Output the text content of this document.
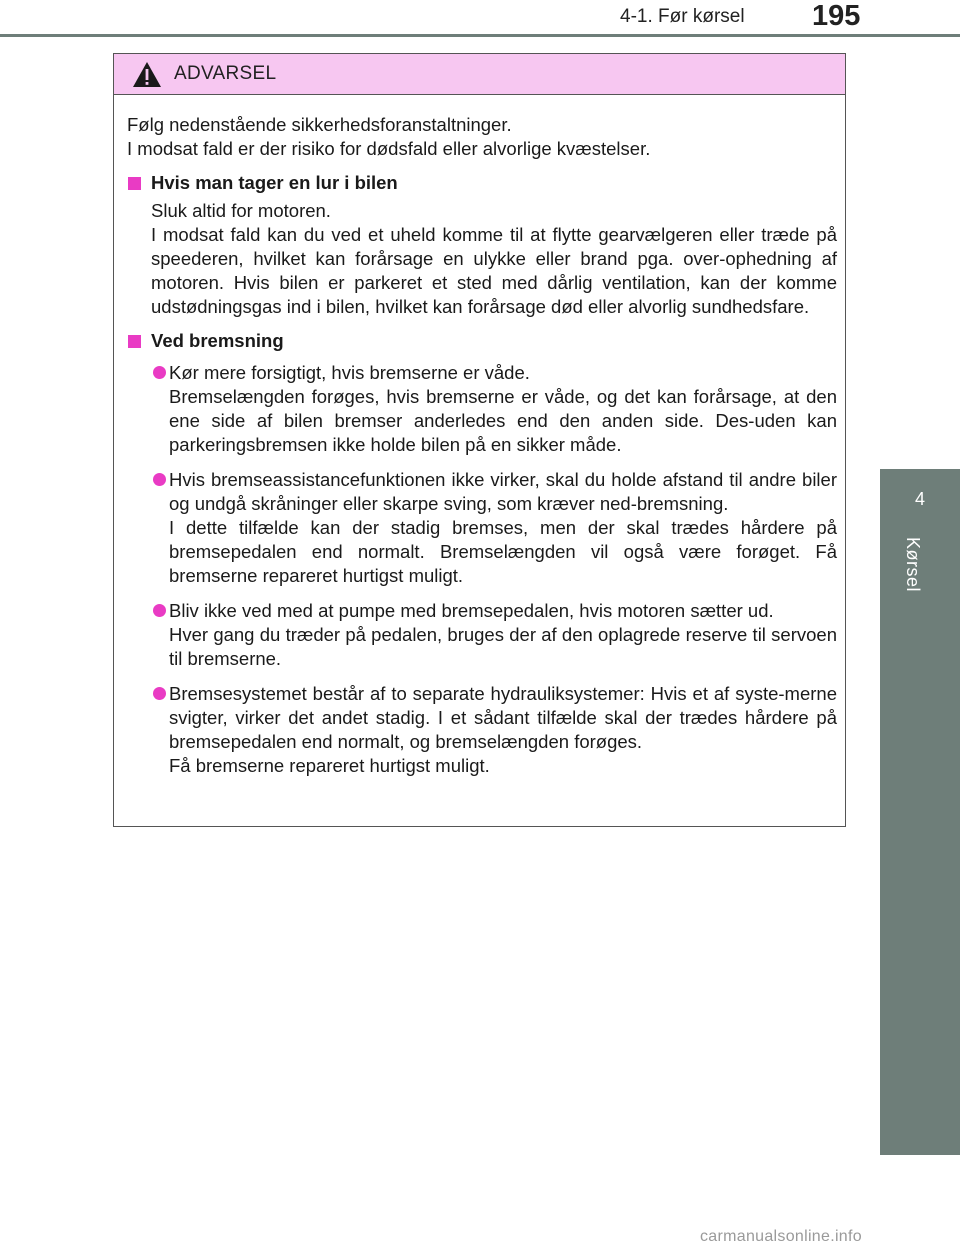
4-1. Før kørsel 195
4
Kørsel
ADVARSEL

Følg nedenstående sikkerhedsforanstaltninger.

I modsat fald er der risiko for dødsfald eller alvorlige kvæstelser.

Hvis man tager en lur i bilen
Sluk altid for motoren.
I modsat fald kan du ved et uheld komme til at flytte gearvælgeren eller træde på speederen, hvilket kan forårsage en ulykke eller brand pga. over-ophedning af motoren. Hvis bilen er parkeret et sted med dårlig ventilation, kan der komme udstødningsgas ind i bilen, hvilket kan forårsage død eller alvorlig sundhedsfare.
Ved bremsning
Kør mere forsigtigt, hvis bremserne er våde.
Bremselængden forøges, hvis bremserne er våde, og det kan forårsage, at den ene side af bilen bremser anderledes end den anden side. Des-uden kan parkeringsbremsen ikke holde bilen på en sikker måde.
Hvis bremseassistancefunktionen ikke virker, skal du holde afstand til andre biler og undgå skråninger eller skarpe sving, som kræver ned-bremsning.
I dette tilfælde kan der stadig bremses, men der skal trædes hårdere på bremsepedalen end normalt. Bremselængden vil også være forøget. Få bremserne repareret hurtigst muligt.
Bliv ikke ved med at pumpe med bremsepedalen, hvis motoren sætter ud.
Hver gang du træder på pedalen, bruges der af den oplagrede reserve til servoen til bremserne.
Bremsesystemet består af to separate hydrauliksystemer: Hvis et af syste-merne svigter, virker det andet stadig. I et sådant tilfælde skal der trædes hårdere på bremsepedalen end normalt, og bremselængden forøges.
Få bremserne repareret hurtigst muligt.
carmanualsonline.info
